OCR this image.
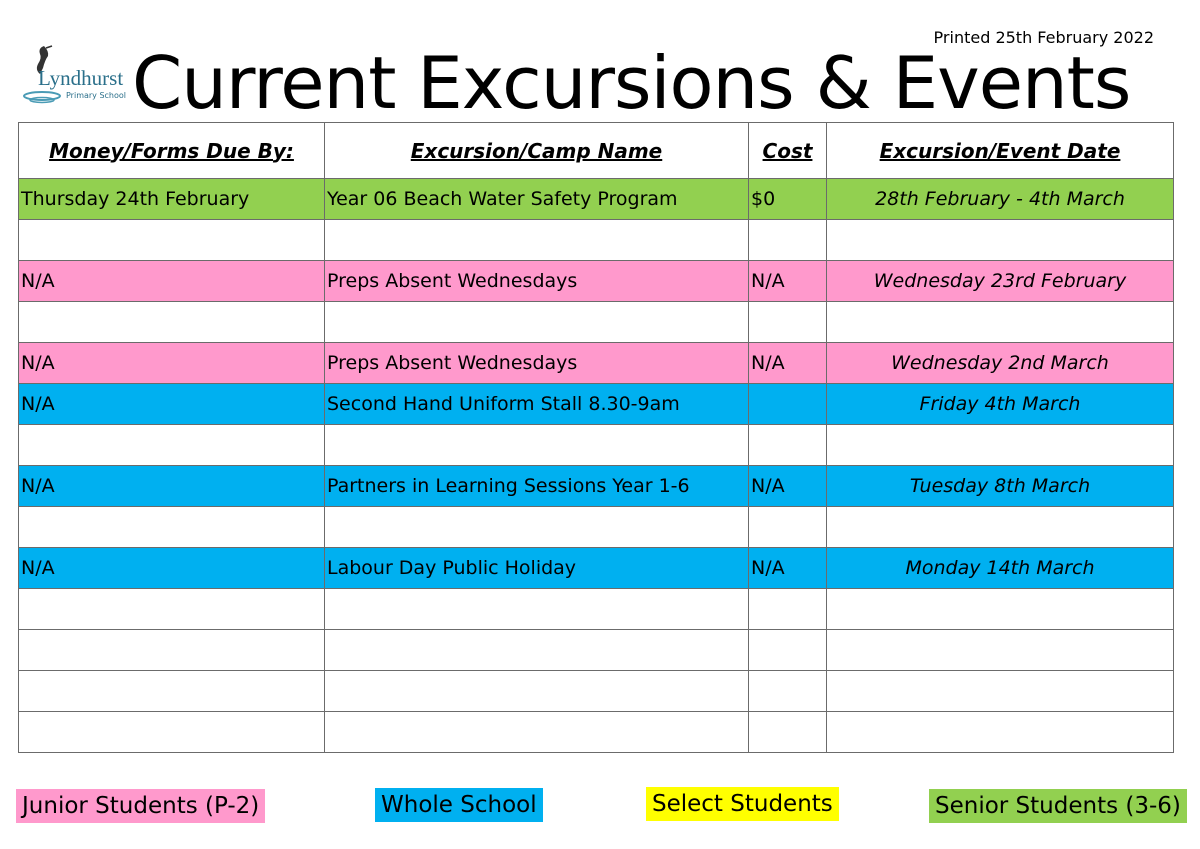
Printed 25th February 2022
Lyndhurst
Primary School Current Excursions & Events
Money/Forms Due By:	Excursion/Camp Name	Cost	Excursion/Event Date
Thursday 24th February	Year 06 Beach Water Safety Program	$0	28th February - 4th March

N/A	Preps Absent Wednesdays	N/A	Wednesday 23rd February

N/A	Preps Absent Wednesdays	N/A	Wednesday 2nd March
N/A	Second Hand Uniform Stall 8.30-9am		Friday 4th March

N/A	Partners in Learning Sessions Year 1-6	N/A	Tuesday 8th March

N/A	Labour Day Public Holiday	N/A	Monday 14th March

Junior Students (P-2)	Whole School	Select Students	Senior Students (3-6)
